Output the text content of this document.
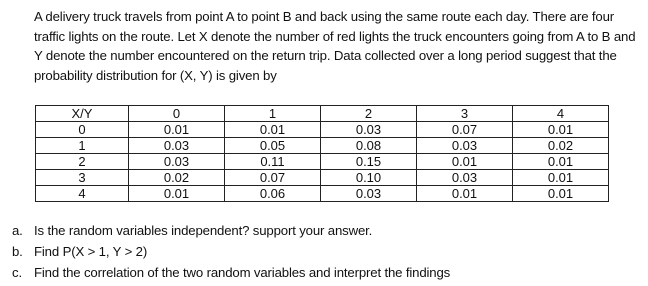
A delivery truck travels from point A to point B and back using the same route each day. There are four
traffic lights on the route. Let X denote the number of red lights the truck encounters going from A to B and
Y denote the number encountered on the return trip. Data collected over a long period suggest that the
probability distribution for (X, Y) is given by
X/Y	0	1	2	3	4
0	0.01	0.01	0.03	0.07	0.01
1	0.03	0.05	0.08	0.03	0.02
2	0.03	0.11	0.15	0.01	0.01
3	0.02	0.07	0.10	0.03	0.01
4	0.01	0.06	0.03	0.01	0.01
a. Is the random variables independent? support your answer.
b. Find P(X > 1, Y > 2)
c. Find the correlation of the two random variables and interpret the findings
